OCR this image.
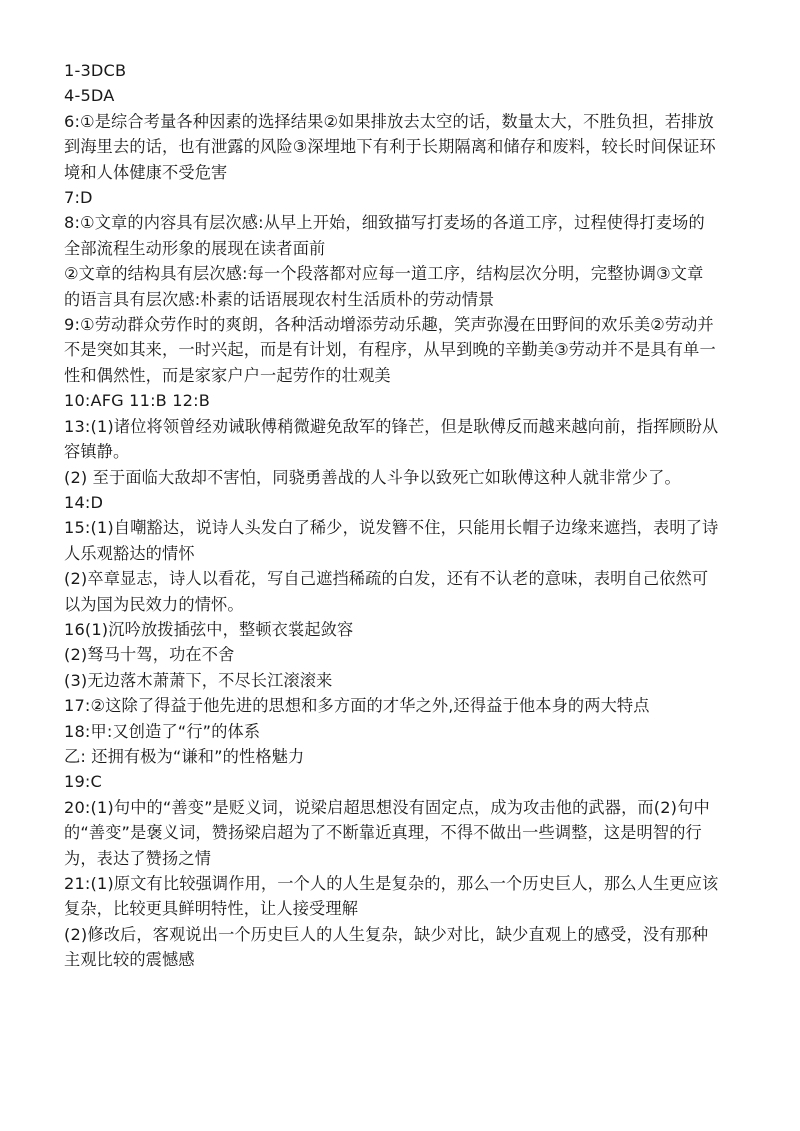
1-3DCB
4-5DA
6:①是综合考量各种因素的选择结果②如果排放去太空的话，数量太大，不胜负担，若排放
到海里去的话，也有泄露的风险③深埋地下有利于长期隔离和储存和废料，较长时间保证环
境和人体健康不受危害
7:D
8:①文章的内容具有层次感:从早上开始，细致描写打麦场的各道工序，过程使得打麦场的
全部流程生动形象的展现在读者面前
②文章的结构具有层次感:每一个段落都对应每一道工序，结构层次分明，完整协调③文章
的语言具有层次感:朴素的话语展现农村生活质朴的劳动情景
9:①劳动群众劳作时的爽朗，各种活动增添劳动乐趣，笑声弥漫在田野间的欢乐美②劳动并
不是突如其来，一时兴起，而是有计划，有程序，从早到晚的辛勤美③劳动并不是具有单一
性和偶然性，而是家家户户一起劳作的壮观美
10:AFG 11:B 12:B
13:(1)诸位将领曾经劝诫耿傅稍微避免敌军的锋芒，但是耿傅反而越来越向前，指挥顾盼从
容镇静。
(2) 至于面临大敌却不害怕，同骁勇善战的人斗争以致死亡如耿傅这种人就非常少了。
14:D
15:(1)自嘲豁达，说诗人头发白了稀少，说发簪不住，只能用长帽子边缘来遮挡，表明了诗
人乐观豁达的情怀
(2)卒章显志，诗人以看花，写自己遮挡稀疏的白发，还有不认老的意味，表明自己依然可
以为国为民效力的情怀。
16(1)沉吟放拨插弦中，整顿衣裳起敛容
(2)驽马十驾，功在不舍
(3)无边落木萧萧下，不尽长江滚滚来
17:②这除了得益于他先进的思想和多方面的才华之外,还得益于他本身的两大特点
18:甲:又创造了“行”的体系
乙: 还拥有极为“谦和”的性格魅力
19:C
20:(1)句中的“善变”是贬义词，说梁启超思想没有固定点，成为攻击他的武器，而(2)句中
的“善变”是褒义词，赞扬梁启超为了不断靠近真理，不得不做出一些调整，这是明智的行
为，表达了赞扬之情
21:(1)原文有比较强调作用，一个人的人生是复杂的，那么一个历史巨人，那么人生更应该
复杂，比较更具鲜明特性，让人接受理解
(2)修改后，客观说出一个历史巨人的人生复杂，缺少对比，缺少直观上的感受，没有那种
主观比较的震憾感
